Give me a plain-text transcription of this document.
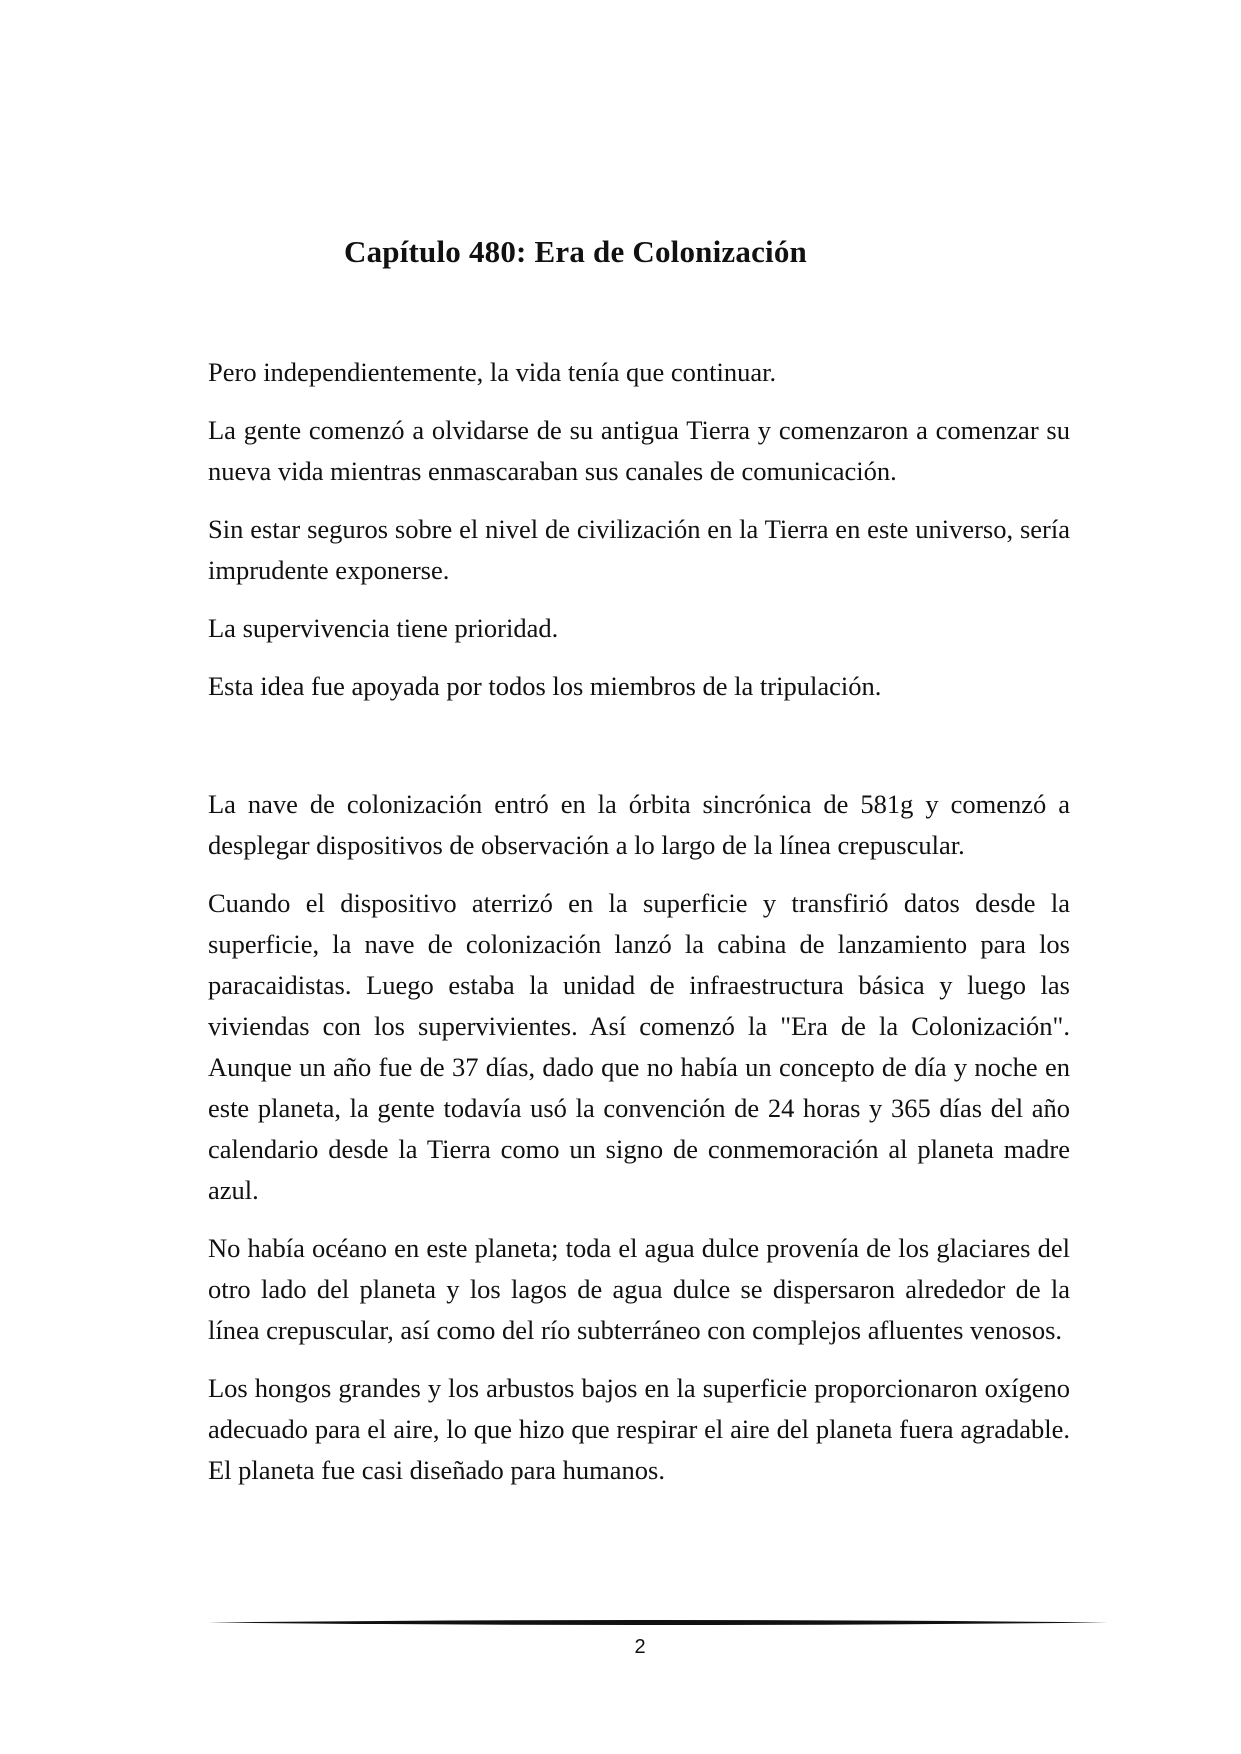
Capítulo 480: Era de Colonización

Pero independientemente, la vida tenía que continuar.

La gente comenzó a olvidarse de su antigua Tierra y comenzaron a comenzar su nueva vida mientras enmascaraban sus canales de comunicación.

Sin estar seguros sobre el nivel de civilización en la Tierra en este universo, sería imprudente exponerse.

La supervivencia tiene prioridad.

Esta idea fue apoyada por todos los miembros de la tripulación.

La nave de colonización entró en la órbita sincrónica de 581g y comenzó a desplegar dispositivos de observación a lo largo de la línea crepuscular.

Cuando el dispositivo aterrizó en la superficie y transfirió datos desde la superficie, la nave de colonización lanzó la cabina de lanzamiento para los paracaidistas. Luego estaba la unidad de infraestructura básica y luego las viviendas con los supervivientes. Así comenzó la "Era de la Colonización". Aunque un año fue de 37 días, dado que no había un concepto de día y noche en este planeta, la gente todavía usó la convención de 24 horas y 365 días del año calendario desde la Tierra como un signo de conmemoración al planeta madre azul.

No había océano en este planeta; toda el agua dulce provenía de los glaciares del otro lado del planeta y los lagos de agua dulce se dispersaron alrededor de la línea crepuscular, así como del río subterráneo con complejos afluentes venosos.

Los hongos grandes y los arbustos bajos en la superficie proporcionaron oxígeno adecuado para el aire, lo que hizo que respirar el aire del planeta fuera agradable. El planeta fue casi diseñado para humanos.

2
